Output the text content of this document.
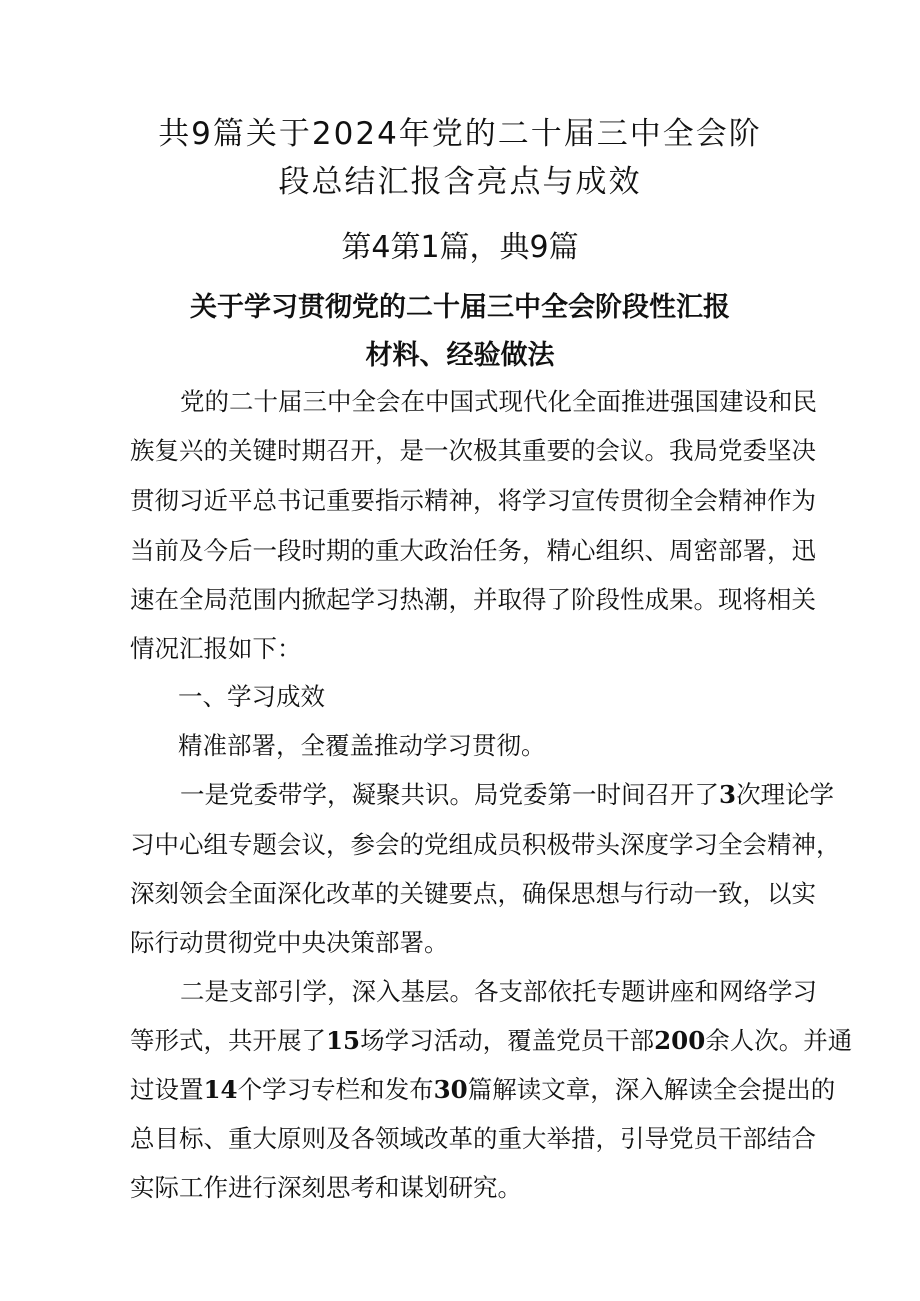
共9篇关于2024年党的二十届三中全会阶
段总结汇报含亮点与成效
第4第1篇，典9篇
关于学习贯彻党的二十届三中全会阶段性汇报
材料、经验做法
党的二十届三中全会在中国式现代化全面推进强国建设和民
族复兴的关键时期召开，是一次极其重要的会议。我局党委坚决
贯彻习近平总书记重要指示精神，将学习宣传贯彻全会精神作为
当前及今后一段时期的重大政治任务，精心组织、周密部署，迅
速在全局范围内掀起学习热潮，并取得了阶段性成果。现将相关
情况汇报如下：
一、学习成效
精准部署，全覆盖推动学习贯彻。
一是党委带学，凝聚共识。局党委第一时间召开了3次理论学
习中心组专题会议，参会的党组成员积极带头深度学习全会精神，
深刻领会全面深化改革的关键要点，确保思想与行动一致，以实
际行动贯彻党中央决策部署。
二是支部引学，深入基层。各支部依托专题讲座和网络学习
等形式，共开展了15场学习活动，覆盖党员干部200余人次。并通
过设置14个学习专栏和发布30篇解读文章，深入解读全会提出的
总目标、重大原则及各领域改革的重大举措，引导党员干部结合
实际工作进行深刻思考和谋划研究。
